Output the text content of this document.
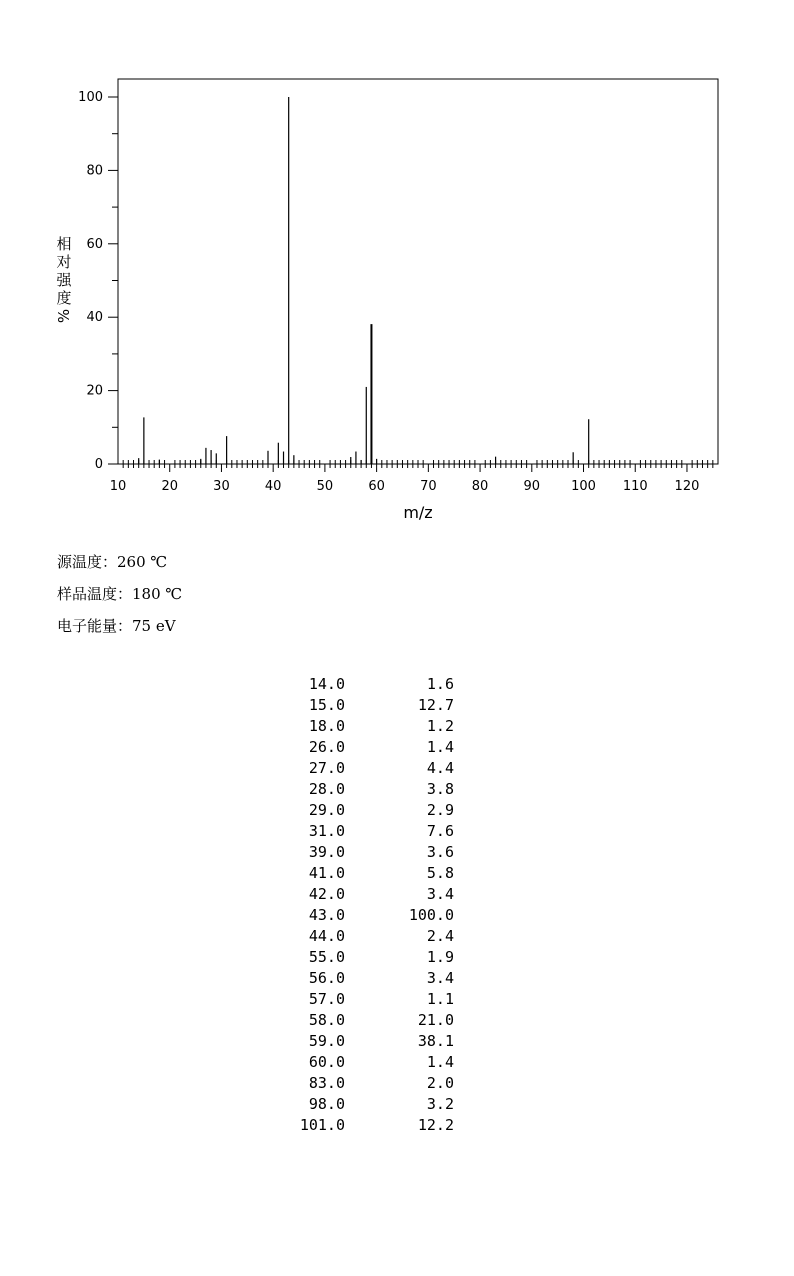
0
20
40
60
80
100
10	20	30	40	50	60	70	80	90 100 110 120
m/z
相
对
强
度
%
源温度：260 ℃
样品温度：180 ℃
电子能量：75 eV
14.0	1.6
15.0	12.7
18.0	1.2
26.0	1.4
27.0	4.4
28.0	3.8
29.0	2.9
31.0	7.6
39.0	3.6
41.0	5.8
42.0	3.4
43.0	100.0
44.0	2.4
55.0	1.9
56.0	3.4
57.0	1.1
58.0	21.0
59.0	38.1
60.0	1.4
83.0	2.0
98.0	3.2
101.0	12.2
